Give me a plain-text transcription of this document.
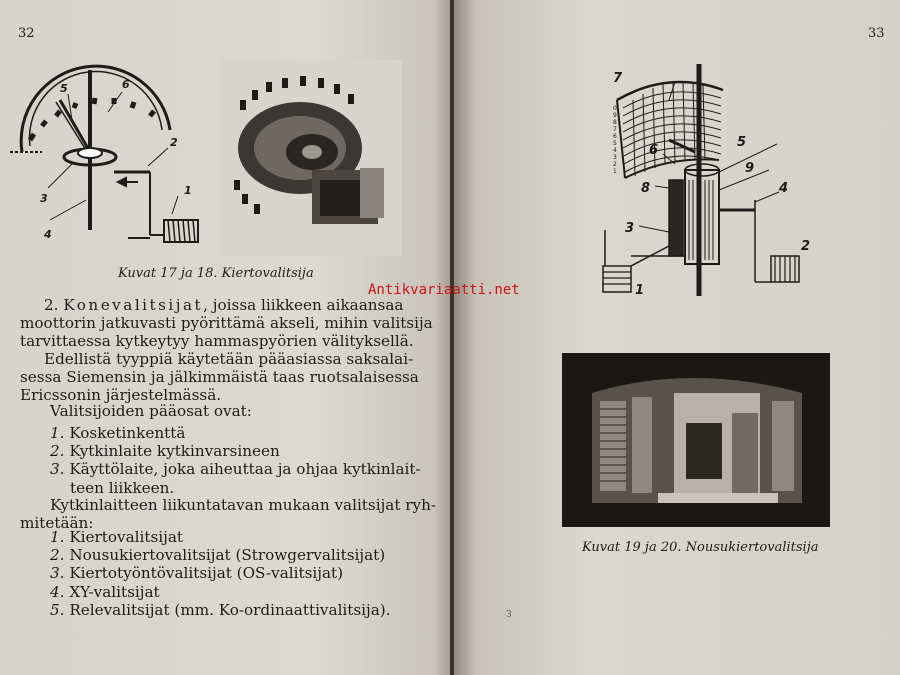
32
5	6
2
1
3
4
Kuvat 17 ja 18. Kiertovalitsija
2. Konevalitsijat, joissa liikkeen aikaansaa
moottorin jatkuvasti pyörittämä akseli, mihin valitsija
tarvittaessa kytkeytyy hammaspyörien välityksellä.
Edellistä tyyppiä käytetään pääasiassa saksalai-
sessa Siemensin ja jälkimmäistä taas ruotsalaisessa
Ericssonin järjestelmässä.
Valitsijoiden pääosat ovat:
1. Kosketinkenttä
2. Kytkinlaite kytkinvarsineen
3. Käyttölaite, joka aiheuttaa ja ohjaa kytkinlait-
teen liikkeen.
Kytkinlaitteen liikuntatavan mukaan valitsijat ryh-
mitetään:
1. Kiertovalitsijat
2. Nousukiertovalitsijat (Strowgervalitsijat)
3. Kiertotyöntövalitsijat (OS-valitsijat)
4. XY-valitsijat
5. Relevalitsijat (mm. Ko-ordinaattivalitsija).
33
7
5
9
6
8	4
3
2
1
0
9
8
7
6
5
4
3
2
1
Kuvat 19 ja 20. Nousukiertovalitsija
3
Antikvariaatti.net
